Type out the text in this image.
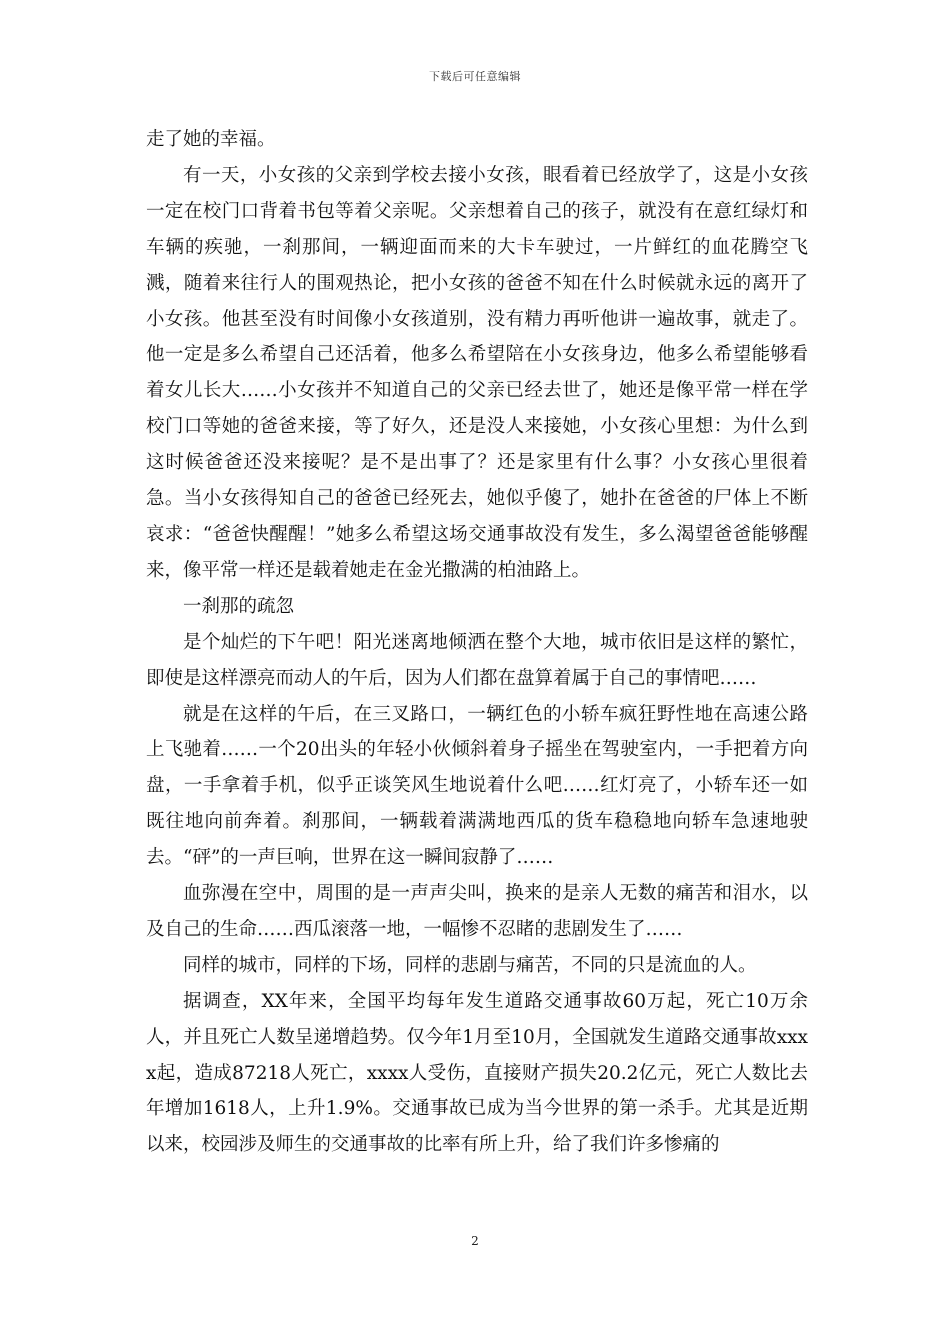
下载后可任意编辑

走了她的幸福。

有一天，小女孩的父亲到学校去接小女孩，眼看着已经放学了，这是小女孩一定在校门口背着书包等着父亲呢。父亲想着自己的孩子，就没有在意红绿灯和车辆的疾驰，一刹那间，一辆迎面而来的大卡车驶过，一片鲜红的血花腾空飞溅，随着来往行人的围观热论，把小女孩的爸爸不知在什么时候就永远的离开了小女孩。他甚至没有时间像小女孩道别，没有精力再听他讲一遍故事，就走了。他一定是多么希望自己还活着，他多么希望陪在小女孩身边，他多么希望能够看着女儿长大……小女孩并不知道自己的父亲已经去世了，她还是像平常一样在学校门口等她的爸爸来接，等了好久，还是没人来接她，小女孩心里想：为什么到这时候爸爸还没来接呢？是不是出事了？还是家里有什么事？小女孩心里很着急。当小女孩得知自己的爸爸已经死去，她似乎傻了，她扑在爸爸的尸体上不断哀求：“爸爸快醒醒！”她多么希望这场交通事故没有发生，多么渴望爸爸能够醒来，像平常一样还是载着她走在金光撒满的柏油路上。

一刹那的疏忽

是个灿烂的下午吧！阳光迷离地倾洒在整个大地，城市依旧是这样的繁忙，即使是这样漂亮而动人的午后，因为人们都在盘算着属于自己的事情吧……

就是在这样的午后，在三叉路口，一辆红色的小轿车疯狂野性地在高速公路上飞驰着……一个20出头的年轻小伙倾斜着身子摇坐在驾驶室内，一手把着方向盘，一手拿着手机，似乎正谈笑风生地说着什么吧……红灯亮了，小轿车还一如既往地向前奔着。刹那间，一辆载着满满地西瓜的货车稳稳地向轿车急速地驶去。“砰”的一声巨响，世界在这一瞬间寂静了……

血弥漫在空中，周围的是一声声尖叫，换来的是亲人无数的痛苦和泪水，以及自己的生命……西瓜滚落一地，一幅惨不忍睹的悲剧发生了……

同样的城市，同样的下场，同样的悲剧与痛苦，不同的只是流血的人。

据调查，XX年来，全国平均每年发生道路交通事故60万起，死亡10万余人，并且死亡人数呈递增趋势。仅今年1月至10月，全国就发生道路交通事故xxxx起，造成87218人死亡，xxxx人受伤，直接财产损失20.2亿元，死亡人数比去年增加1618人，上升1.9%。交通事故已成为当今世界的第一杀手。尤其是近期以来，校园涉及师生的交通事故的比率有所上升，给了我们许多惨痛的

2
